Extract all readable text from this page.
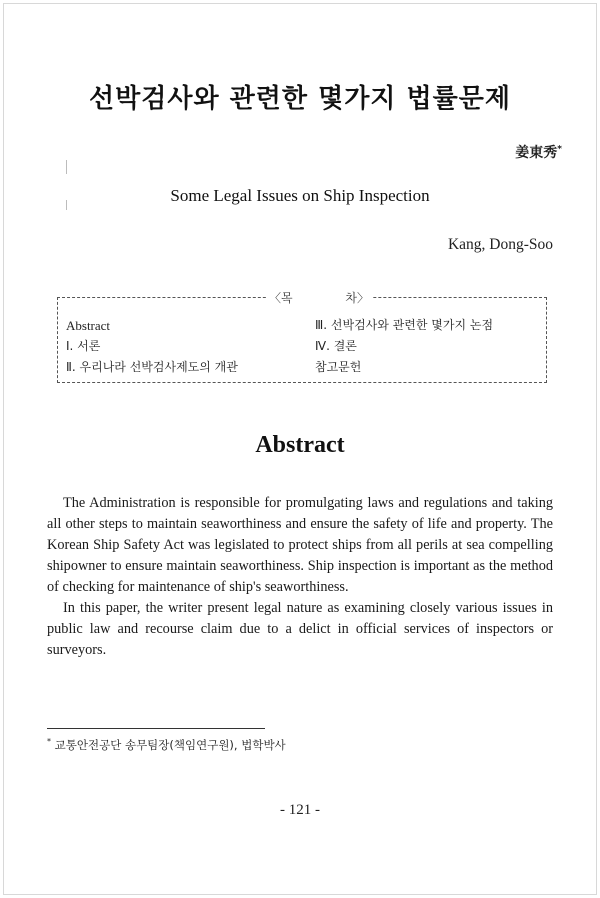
선박검사와 관련한 몇가지 법률문제
姜東秀*
Some Legal Issues on Ship Inspection
Kang, Dong-Soo
〈목	차〉
Abstract
Ⅰ. 서론
Ⅱ. 우리나라 선박검사제도의 개관
Ⅲ. 선박검사와 관련한 몇가지 논점
Ⅳ. 결론
참고문헌
Abstract

The Administration is responsible for promulgating laws and regulations and taking all other steps to maintain seaworthiness and ensure the safety of life and property. The Korean Ship Safety Act was legislated to protect ships from all perils at sea compelling shipowner to ensure maintain seaworthiness. Ship inspection is important as the method of checking for maintenance of ship's seaworthiness.

In this paper, the writer present legal nature as examining closely various issues in public law and recourse claim due to a delict in official services of inspectors or surveyors.

* 교통안전공단 송무팀장(책임연구원), 법학박사
- 121 -
